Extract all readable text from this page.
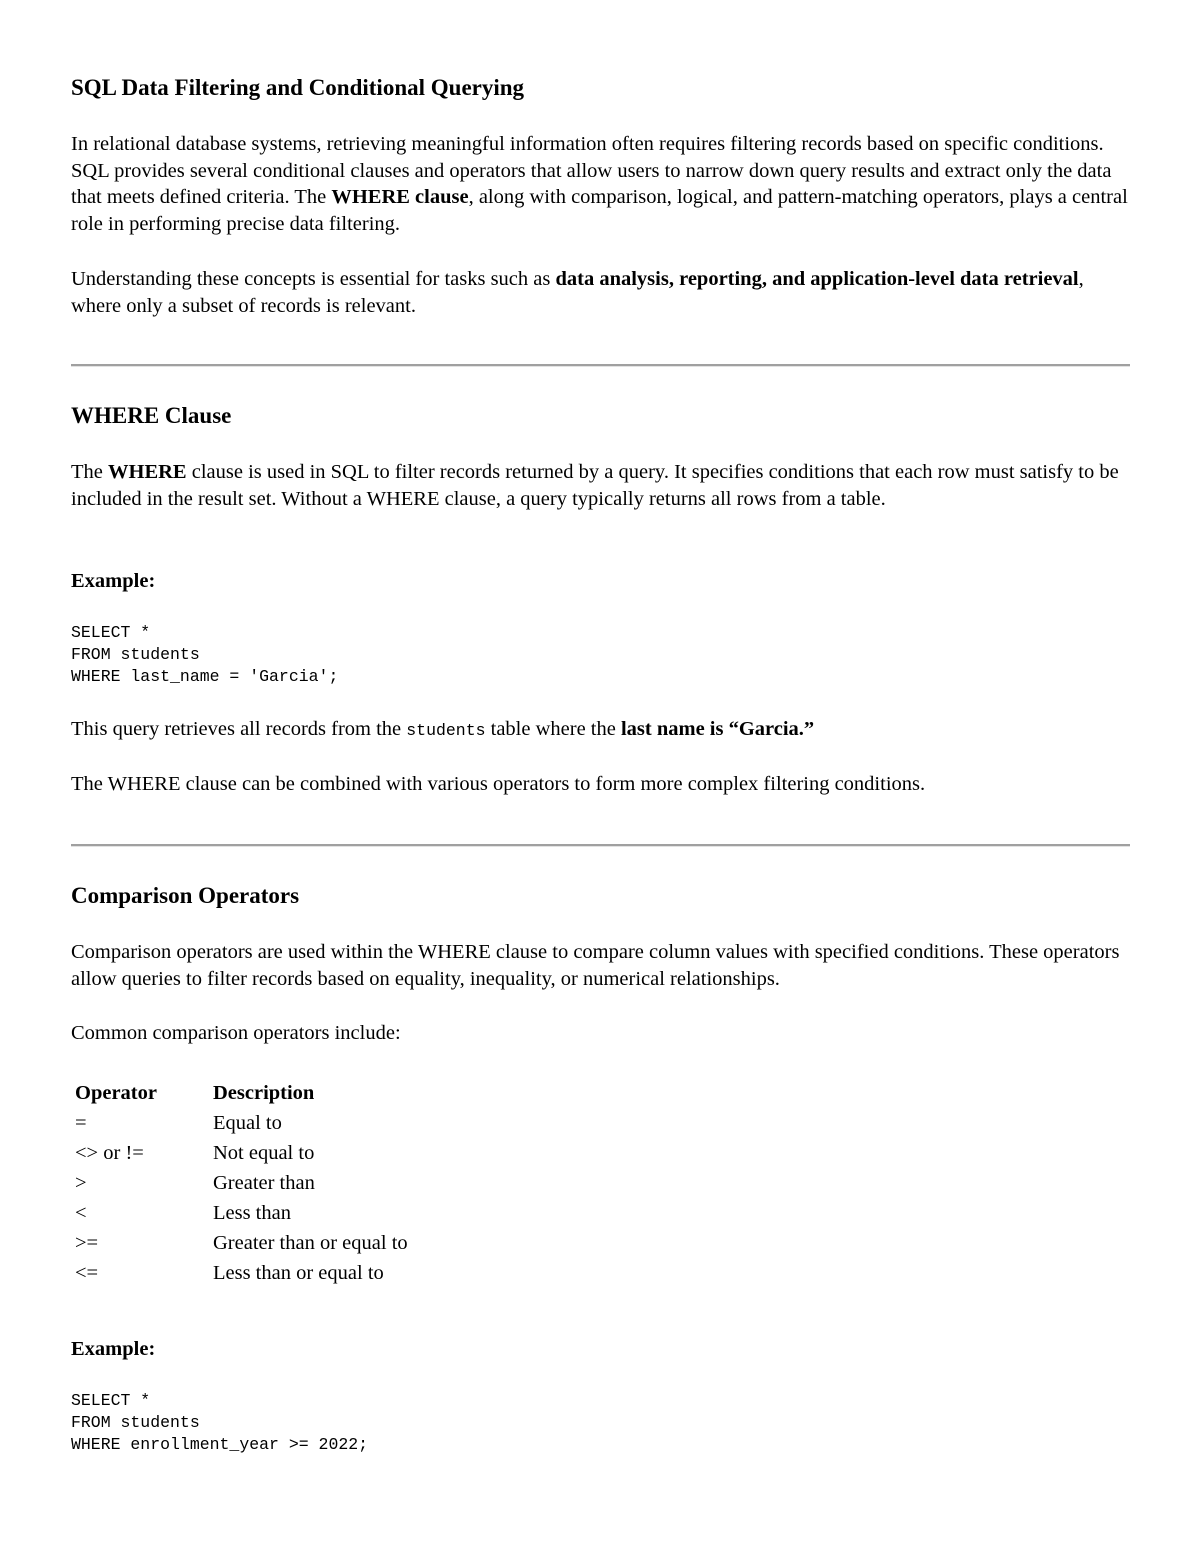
SQL Data Filtering and Conditional Querying

In relational database systems, retrieving meaningful information often requires filtering records based on specific conditions. SQL provides several conditional clauses and operators that allow users to narrow down query results and extract only the data that meets defined criteria. The WHERE clause, along with comparison, logical, and pattern-matching operators, plays a central role in performing precise data filtering.

Understanding these concepts is essential for tasks such as data analysis, reporting, and application-level data retrieval, where only a subset of records is relevant.

WHERE Clause

The WHERE clause is used in SQL to filter records returned by a query. It specifies conditions that each row must satisfy to be included in the result set. Without a WHERE clause, a query typically returns all rows from a table.

Example:
SELECT *
FROM students
WHERE last_name = 'Garcia';

This query retrieves all records from the students table where the last name is “Garcia.”

The WHERE clause can be combined with various operators to form more complex filtering conditions.

Comparison Operators

Comparison operators are used within the WHERE clause to compare column values with specified conditions. These operators allow queries to filter records based on equality, inequality, or numerical relationships.

Common comparison operators include:

Operator	Description
=	Equal to
<> or !=	Not equal to
>	Greater than
<	Less than
>=	Greater than or equal to
<=	Less than or equal to
Example:
SELECT *
FROM students
WHERE enrollment_year >= 2022;
